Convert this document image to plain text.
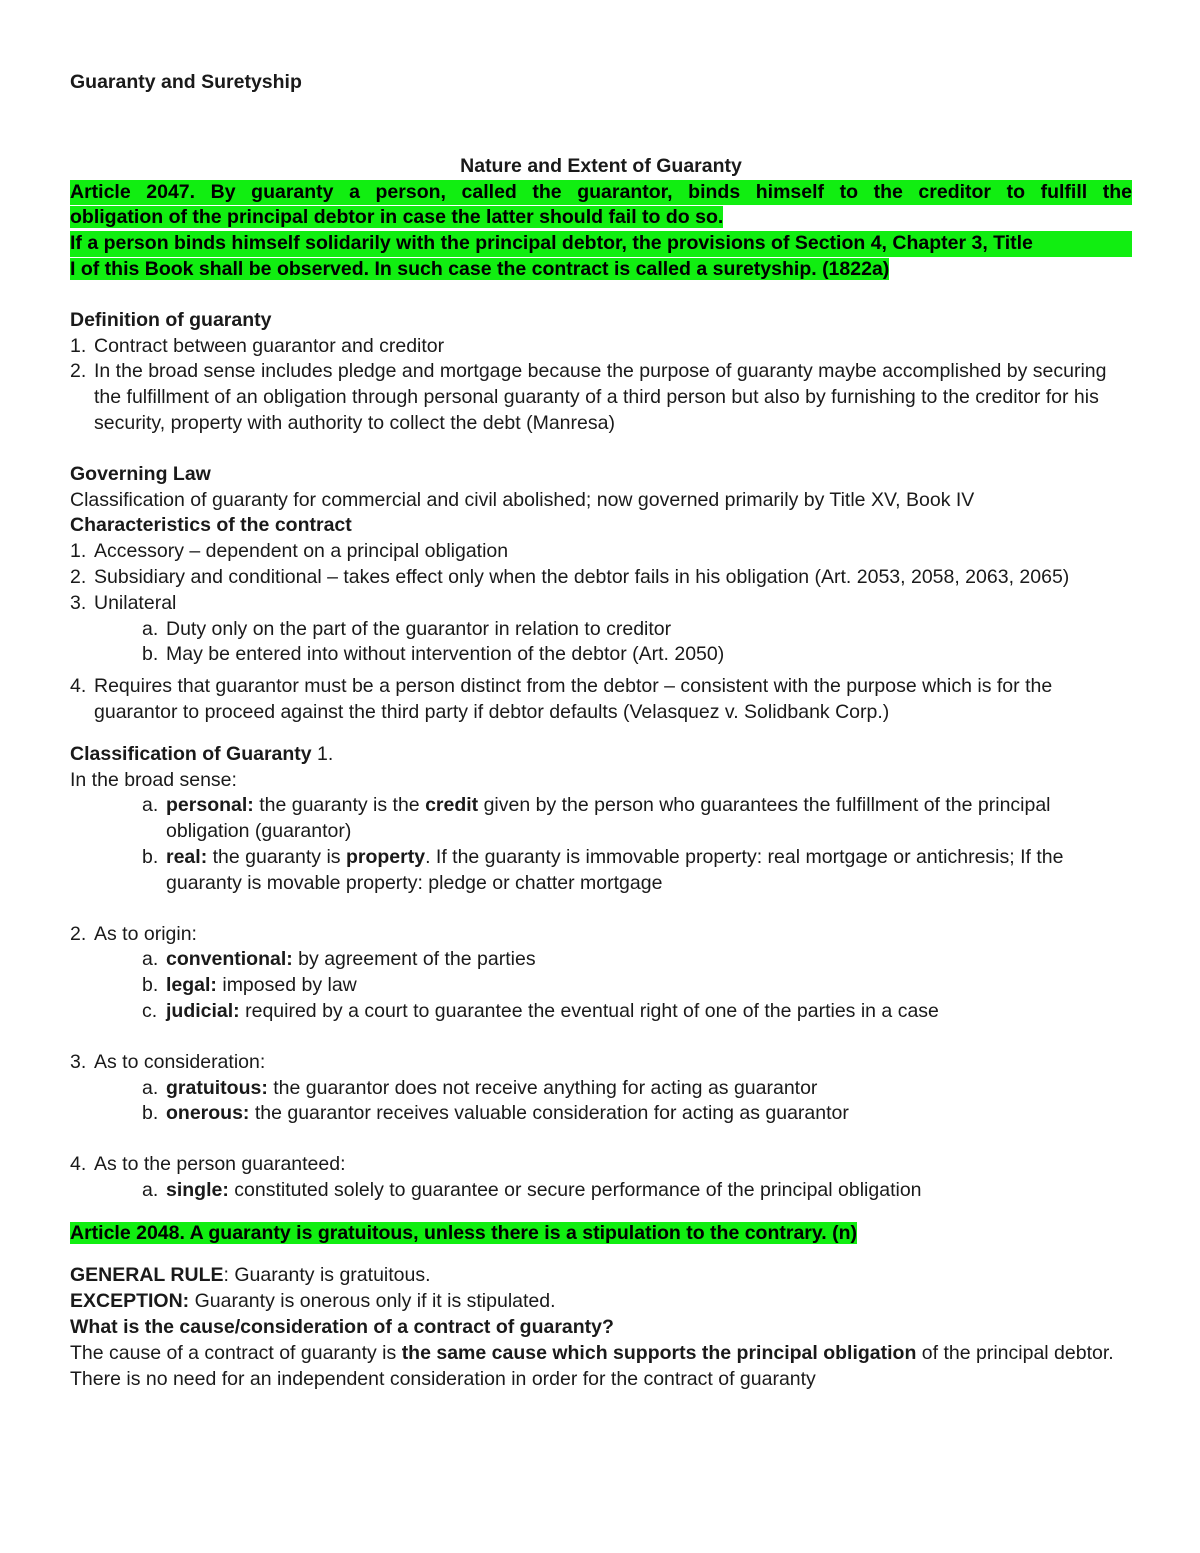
Guaranty and Suretyship

Nature and Extent of Guaranty

Article 2047. By guaranty a person, called the guarantor, binds himself to the creditor to fulfill the

obligation of the principal debtor in case the latter should fail to do so.

If a person binds himself solidarily with the principal debtor, the provisions of Section 4, Chapter 3, Title

I of this Book shall be observed. In such case the contract is called a suretyship. (1822a)

Definition of guaranty
1. Contract between guarantor and creditor
2. In the broad sense includes pledge and mortgage because the purpose of guaranty maybe accomplished by securing the fulfillment of an obligation through personal guaranty of a third person but also by furnishing to the creditor for his security, property with authority to collect the debt (Manresa)
Governing Law

Classification of guaranty for commercial and civil abolished; now governed primarily by Title XV, Book IV

Characteristics of the contract
1. Accessory – dependent on a principal obligation
2. Subsidiary and conditional – takes effect only when the debtor fails in his obligation (Art. 2053, 2058, 2063, 2065)
3. Unilateral
a. Duty only on the part of the guarantor in relation to creditor
b. May be entered into without intervention of the debtor (Art. 2050)
4. Requires that guarantor must be a person distinct from the debtor – consistent with the purpose which is for the guarantor to proceed against the third party if debtor defaults (Velasquez v. Solidbank Corp.)

Classification of Guaranty 1.

In the broad sense:

a. personal: the guaranty is the credit given by the person who guarantees the fulfillment of the principal obligation (guarantor)
b. real: the guaranty is property. If the guaranty is immovable property: real mortgage or antichresis; If the guaranty is movable property: pledge or chatter mortgage
2. As to origin:
a. conventional: by agreement of the parties
b. legal: imposed by law
c. judicial: required by a court to guarantee the eventual right of one of the parties in a case
3. As to consideration:
a. gratuitous: the guarantor does not receive anything for acting as guarantor
b. onerous: the guarantor receives valuable consideration for acting as guarantor
4. As to the person guaranteed:
a. single: constituted solely to guarantee or secure performance of the principal obligation

Article 2048. A guaranty is gratuitous, unless there is a stipulation to the contrary. (n)

GENERAL RULE: Guaranty is gratuitous.

EXCEPTION: Guaranty is onerous only if it is stipulated.

What is the cause/consideration of a contract of guaranty?

The cause of a contract of guaranty is the same cause which supports the principal obligation of the principal debtor. There is no need for an independent consideration in order for the contract of guaranty
